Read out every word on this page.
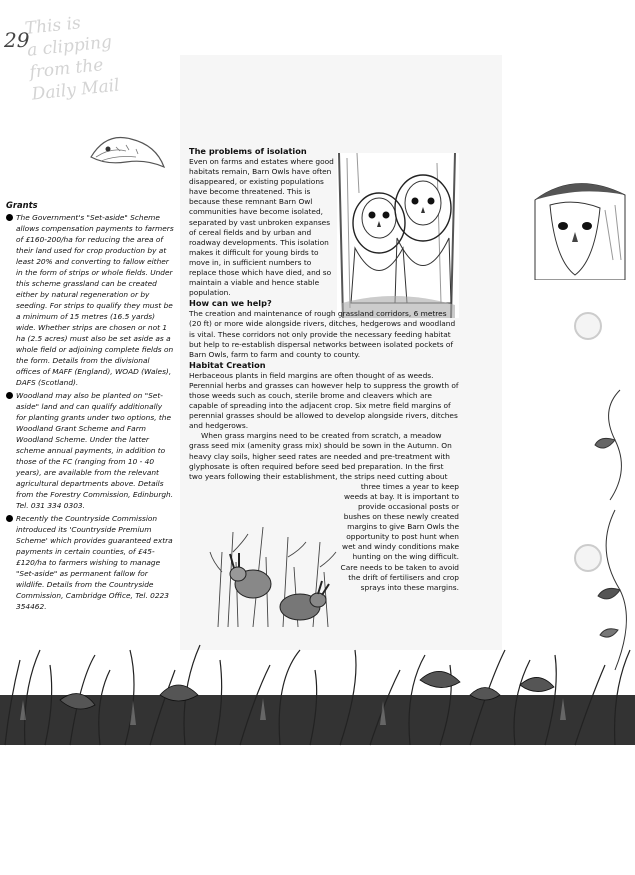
29
This is
a clipping
from the
Daily Mail
Grants
The Government's "Set-aside" Scheme allows compensation payments to farmers of £160-200/ha for reducing the area of their land used for crop production by at least 20% and converting to fallow either in the form of strips or whole fields. Under this scheme grassland can be created either by natural regeneration or by seeding. For strips to qualify they must be a minimum of 15 metres (16.5 yards) wide. Whether strips are chosen or not 1 ha (2.5 acres) must also be set aside as a whole field or adjoining complete fields on the form. Details from the divisional offices of MAFF (England), WOAD (Wales), DAFS (Scotland).
Woodland may also be planted on "Set-aside" land and can qualify additionally for planting grants under two options, the Woodland Grant Scheme and Farm Woodland Scheme. Under the latter scheme annual payments, in addition to those of the FC (ranging from 10 - 40 years), are available from the relevant agricultural departments above. Details from the Forestry Commission, Edinburgh. Tel. 031 334 0303.
Recently the Countryside Commission introduced its 'Countryside Premium Scheme' which provides guaranteed extra payments in certain counties, of £45-£120/ha to farmers wishing to manage "Set-aside" as permanent fallow for wildlife. Details from the Countryside Commission, Cambridge Office, Tel. 0223 354462.
The problems of isolation

Even on farms and estates where good habitats remain, Barn Owls have often disappeared, or existing populations have become threatened. This is because these remnant Barn Owl communities have become isolated, separated by vast unbroken expanses of cereal fields and by urban and roadway developments. This isolation makes it difficult for young birds to move in, in sufficient numbers to replace those which have died, and so maintain a viable and hence stable population.

How can we help?

The creation and maintenance of rough grassland corridors, 6 metres (20 ft) or more wide alongside rivers, ditches, hedgerows and woodland is vital. These corridors not only provide the necessary feeding habitat but help to re-establish dispersal networks between isolated pockets of Barn Owls, farm to farm and county to county.

Habitat Creation

Herbaceous plants in field margins are often thought of as weeds. Perennial herbs and grasses can however help to suppress the growth of those weeds such as couch, sterile brome and cleavers which are capable of spreading into the adjacent crop. Six metre field margins of perennial grasses should be allowed to develop alongside rivers, ditches and hedgerows.

When grass margins need to be created from scratch, a meadow grass seed mix (amenity grass mix) should be sown in the Autumn. On heavy clay soils, higher seed rates are needed and pre-treatment with glyphosate is often required before seed bed preparation. In the first two years following their establishment, the strips need cutting about

three times a year to keep weeds at bay. It is important to provide occasional posts or bushes on these newly created margins to give Barn Owls the opportunity to post hunt when wet and windy conditions make hunting on the wing difficult. Care needs to be taken to avoid the drift of fertilisers and crop sprays into these margins.
